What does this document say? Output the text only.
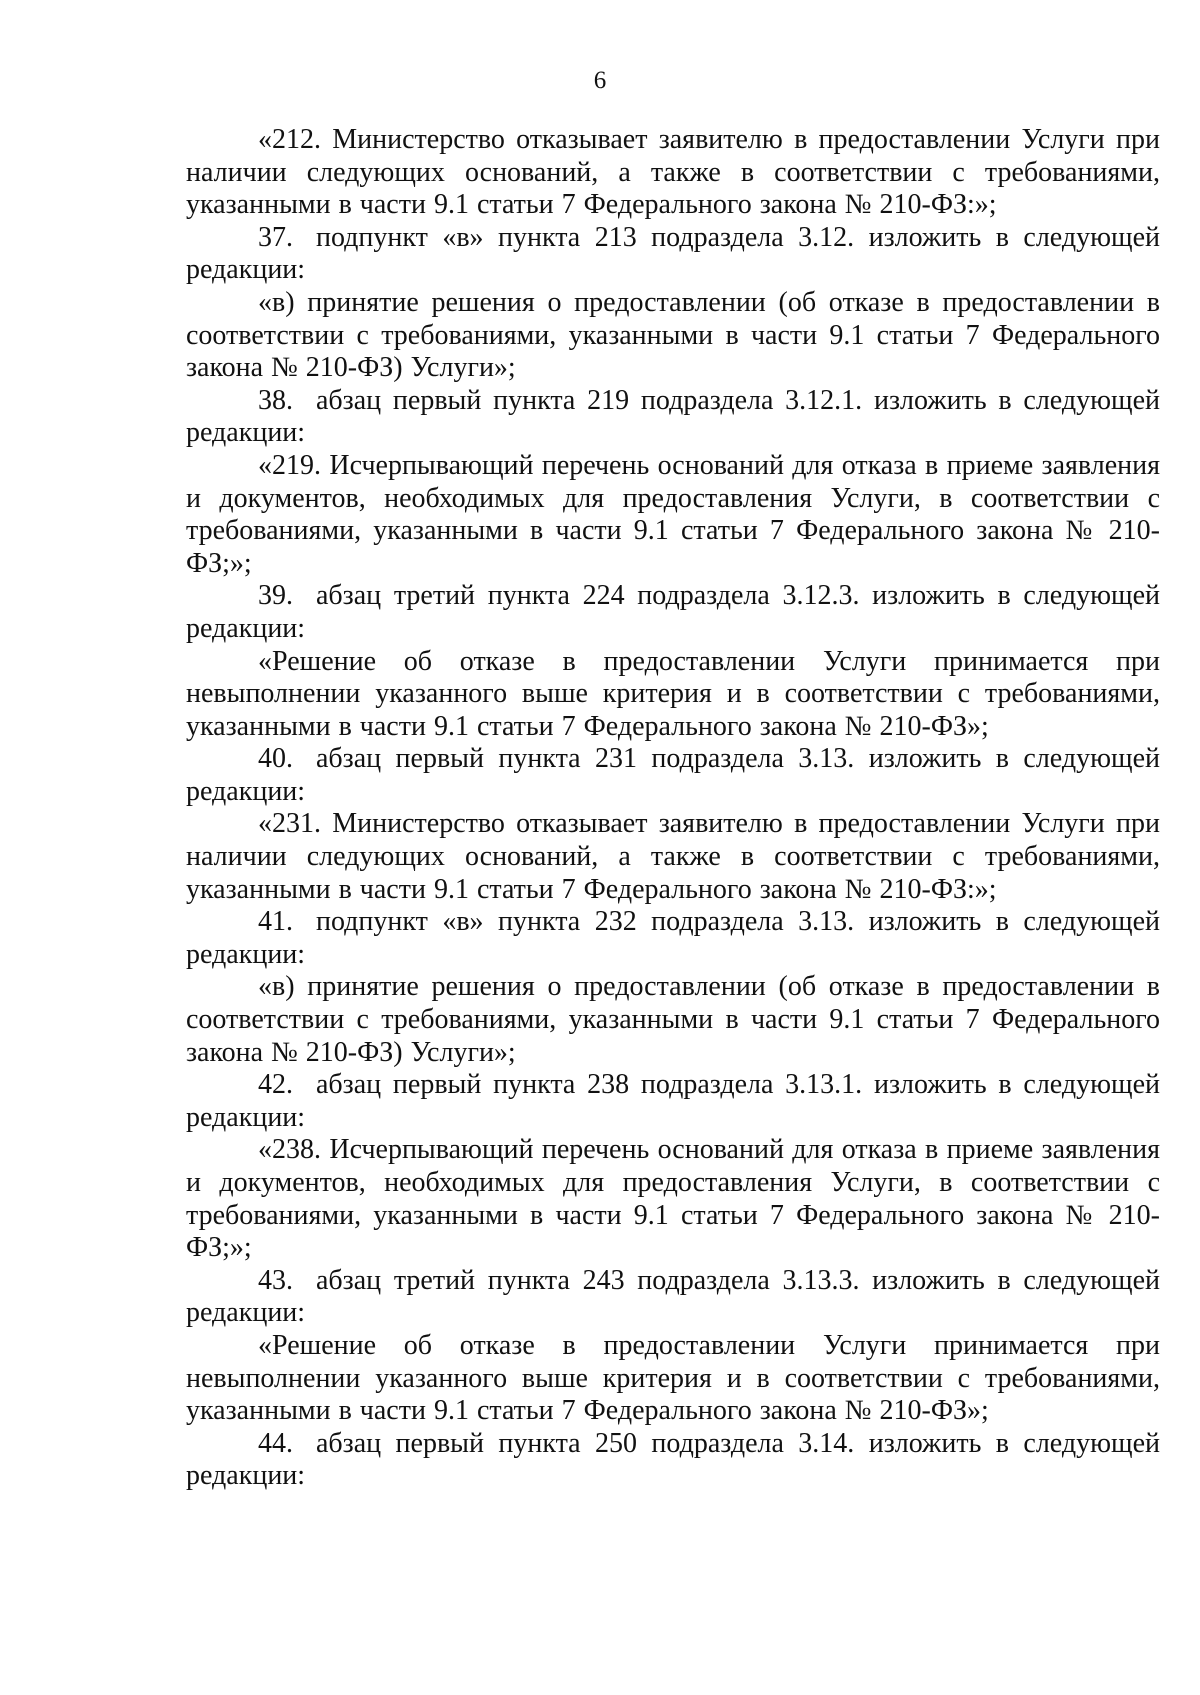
6

«212. Министерство отказывает заявителю в предоставлении Услуги при наличии следующих оснований, а также в соответствии с требованиями, указанными в части 9.1 статьи 7 Федерального закона № 210-ФЗ:»;

37. подпункт «в» пункта 213 подраздела 3.12. изложить в следующей
редакции:

«в) принятие решения о предоставлении (об отказе в предоставлении в соответствии с требованиями, указанными в части 9.1 статьи 7 Федерального закона № 210-ФЗ) Услуги»;

38. абзац первый пункта 219 подраздела 3.12.1. изложить в следующей
редакции:

«219. Исчерпывающий перечень оснований для отказа в приеме заявления и документов, необходимых для предоставления Услуги, в соответствии с требованиями, указанными в части 9.1 статьи 7 Федерального закона № 210-ФЗ;»;

39. абзац третий пункта 224 подраздела 3.12.3. изложить в следующей
редакции:

«Решение об отказе в предоставлении Услуги принимается при невыполнении указанного выше критерия и в соответствии с требованиями, указанными в части 9.1 статьи 7 Федерального закона № 210-ФЗ»;

40. абзац первый пункта 231 подраздела 3.13. изложить в следующей
редакции:

«231. Министерство отказывает заявителю в предоставлении Услуги при наличии следующих оснований, а также в соответствии с требованиями, указанными в части 9.1 статьи 7 Федерального закона № 210-ФЗ:»;

41. подпункт «в» пункта 232 подраздела 3.13. изложить в следующей
редакции:

«в) принятие решения о предоставлении (об отказе в предоставлении в соответствии с требованиями, указанными в части 9.1 статьи 7 Федерального закона № 210-ФЗ) Услуги»;

42. абзац первый пункта 238 подраздела 3.13.1. изложить в следующей
редакции:

«238. Исчерпывающий перечень оснований для отказа в приеме заявления и документов, необходимых для предоставления Услуги, в соответствии с требованиями, указанными в части 9.1 статьи 7 Федерального закона № 210-ФЗ;»;

43. абзац третий пункта 243 подраздела 3.13.3. изложить в следующей
редакции:

«Решение об отказе в предоставлении Услуги принимается при невыполнении указанного выше критерия и в соответствии с требованиями, указанными в части 9.1 статьи 7 Федерального закона № 210-ФЗ»;

44. абзац первый пункта 250 подраздела 3.14. изложить в следующей
редакции:
